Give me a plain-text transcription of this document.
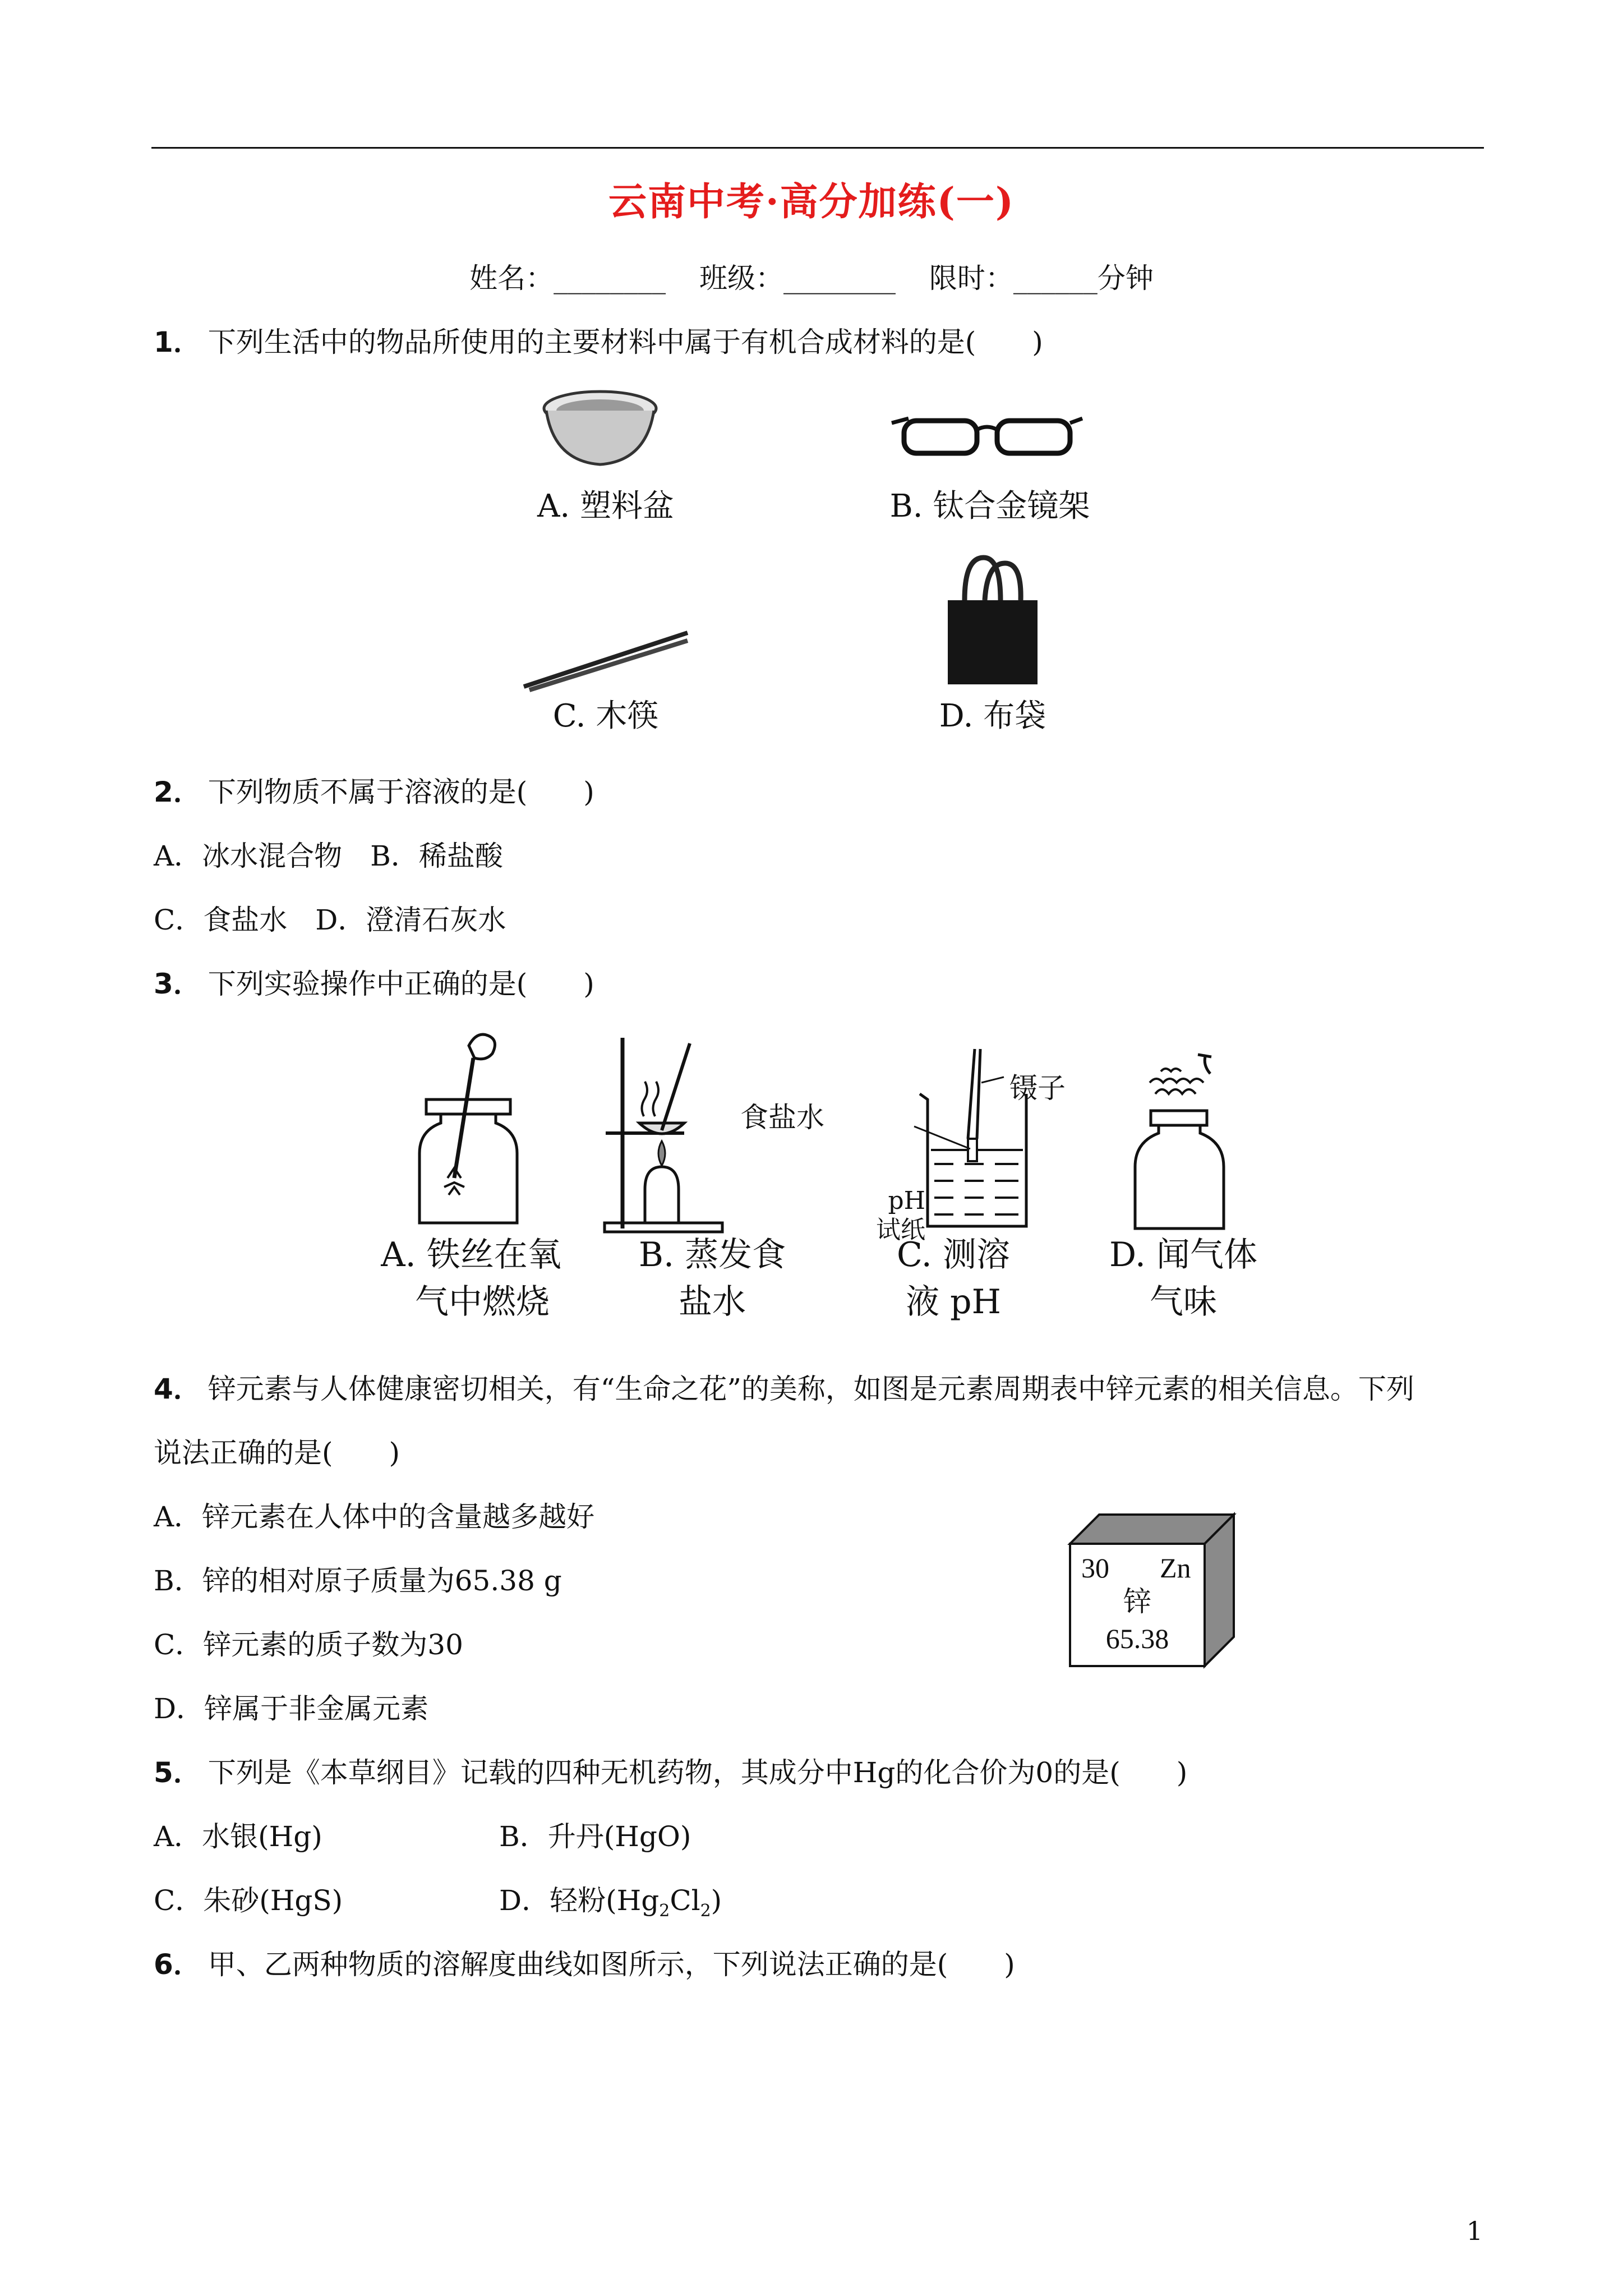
云南中考·高分加练(一)
姓名：________ 班级：________ 限时：______分钟
1． 下列生活中的物品所使用的主要材料中属于有机合成材料的是(　　)
A. 塑料盆	B. 钛合金镜架
C. 木筷	D. 布袋
2． 下列物质不属于溶液的是(　　)
A．冰水混合物　B．稀盐酸
C．食盐水　D．澄清石灰水
3． 下列实验操作中正确的是(　　)
A. 铁丝在氧
气中燃烧
食盐水
B. 蒸发食
盐水
pH
试纸
镊子
C. 测溶
液 pH
D. 闻气体
气味
4． 锌元素与人体健康密切相关，有“生命之花”的美称，如图是元素周期表中锌元素的相关信息。下列
说法正确的是(　　)
A．锌元素在人体中的含量越多越好
B．锌的相对原子质量为65.38 g
C．锌元素的质子数为30
D．锌属于非金属元素
30 Zn
锌
65.38
5． 下列是《本草纲目》记载的四种无机药物，其成分中Hg的化合价为0的是(　　)
A．水银(Hg)	B．升丹(HgO)
C．朱砂(HgS)	D．轻粉$(Hg_2Cl_2)$
6． 甲、乙两种物质的溶解度曲线如图所示，下列说法正确的是(　　)
1
